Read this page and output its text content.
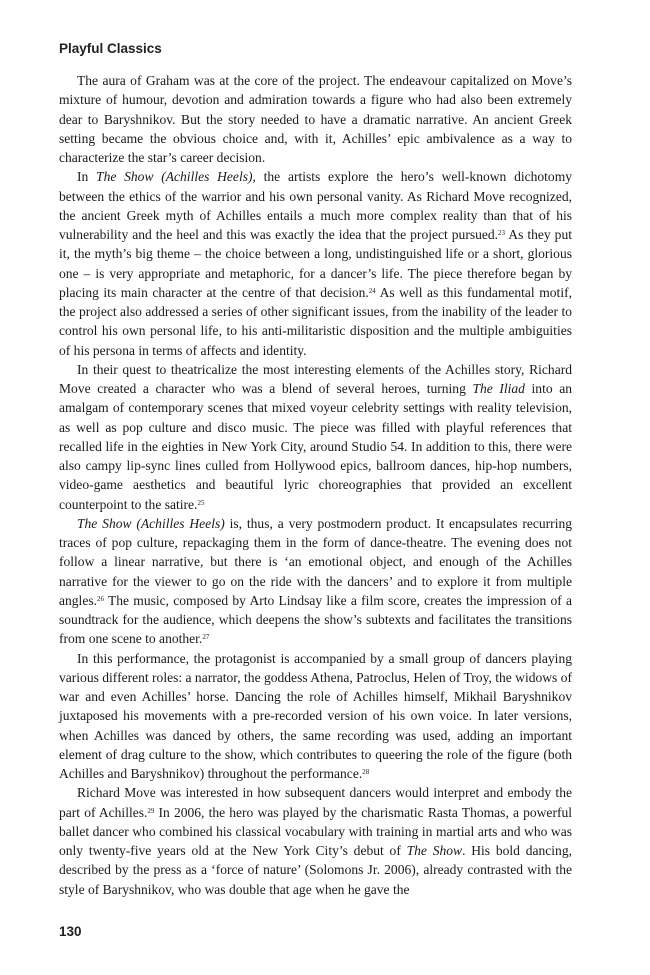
Playful Classics

The aura of Graham was at the core of the project. The endeavour capitalized on Move’s mixture of humour, devotion and admiration towards a figure who had also been extremely dear to Baryshnikov. But the story needed to have a dramatic narrative. An ancient Greek setting became the obvious choice and, with it, Achilles’ epic ambivalence as a way to characterize the star’s career decision.

In The Show (Achilles Heels), the artists explore the hero’s well-known dichotomy between the ethics of the warrior and his own personal vanity. As Richard Move recognized, the ancient Greek myth of Achilles entails a much more complex reality than that of his vulnerability and the heel and this was exactly the idea that the project pursued.$^{23}$ As they put it, the myth’s big theme – the choice between a long, undistinguished life or a short, glorious one – is very appropriate and metaphoric, for a dancer’s life. The piece therefore began by placing its main character at the centre of that decision.$^{24}$ As well as this fundamental motif, the project also addressed a series of other significant issues, from the inability of the leader to control his own personal life, to his anti-militaristic disposition and the multiple ambiguities of his persona in terms of affects and identity.

In their quest to theatricalize the most interesting elements of the Achilles story, Richard Move created a character who was a blend of several heroes, turning The Iliad into an amalgam of contemporary scenes that mixed voyeur celebrity settings with reality television, as well as pop culture and disco music. The piece was filled with playful references that recalled life in the eighties in New York City, around Studio 54. In addition to this, there were also campy lip-sync lines culled from Hollywood epics, ballroom dances, hip-hop numbers, video-game aesthetics and beautiful lyric choreographies that provided an excellent counterpoint to the satire.$^{25}$

The Show (Achilles Heels) is, thus, a very postmodern product. It encapsulates recurring traces of pop culture, repackaging them in the form of dance-theatre. The evening does not follow a linear narrative, but there is ‘an emotional object, and enough of the Achilles narrative for the viewer to go on the ride with the dancers’ and to explore it from multiple angles.$^{26}$ The music, composed by Arto Lindsay like a film score, creates the impression of a soundtrack for the audience, which deepens the show’s subtexts and facilitates the transitions from one scene to another.$^{27}$

In this performance, the protagonist is accompanied by a small group of dancers playing various different roles: a narrator, the goddess Athena, Patroclus, Helen of Troy, the widows of war and even Achilles’ horse. Dancing the role of Achilles himself, Mikhail Baryshnikov juxtaposed his movements with a pre-recorded version of his own voice. In later versions, when Achilles was danced by others, the same recording was used, adding an important element of drag culture to the show, which contributes to queering the role of the figure (both Achilles and Baryshnikov) throughout the performance.$^{28}$

Richard Move was interested in how subsequent dancers would interpret and embody the part of Achilles.$^{29}$ In 2006, the hero was played by the charismatic Rasta Thomas, a powerful ballet dancer who combined his classical vocabulary with training in martial arts and who was only twenty-five years old at the New York City’s debut of The Show. His bold dancing, described by the press as a ‘force of nature’ (Solomons Jr. 2006), already contrasted with the style of Baryshnikov, who was double that age when he gave the

130
